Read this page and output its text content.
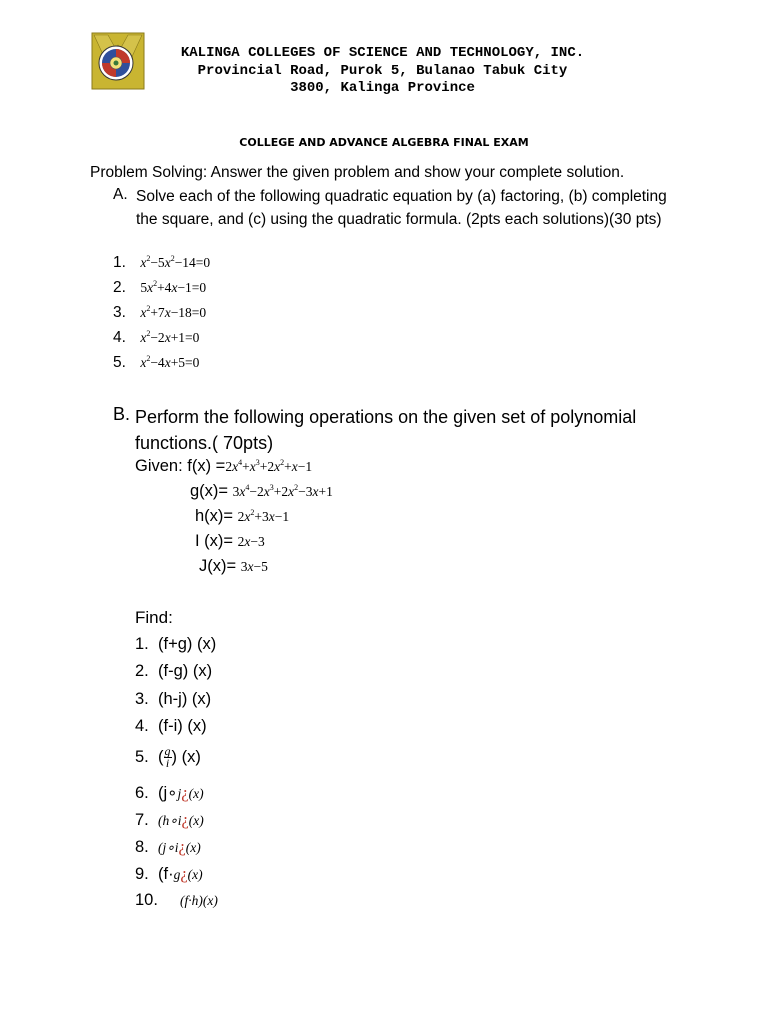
KALINGA COLLEGES OF SCIENCE AND TECHNOLOGY, INC.
Provincial Road, Purok 5, Bulanao Tabuk City
3800, Kalinga Province
COLLEGE AND ADVANCE ALGEBRA FINAL EXAM
Problem Solving: Answer the given problem and show your complete solution.
A. Solve each of the following quadratic equation by (a) factoring, (b) completing the square, and (c) using the quadratic formula. (2pts each solutions)(30 pts)
1. $x^2-5x^2-14=0$
2. $5x^2+4x-1=0$
3. $x^2+7x-18=0$
4. $x^2-2x+1=0$
5. $x^2-4x+5=0$
B. Perform the following operations on the given set of polynomial functions.( 70pts)
Given: $f(x) =2x^4+x^3+2x^2+x-1$
$g(x)= 3x^4-2x^3+2x^2-3x+1$
$h(x)= 2x^2+3x-1$
I (x)= 2x−3
J(x)= 3x−5
Find:
1. (f+g) (x)
2. (f-g) (x)
3. (h-j) (x)
4. (f-i) (x)
5. ( $\frac{g}{i}$ ) (x)
6. (j∘j¿(x)
7. (h∘i¿(x)
8. (j∘i¿(x)
9. (f·g¿(x)
10. (f·h)(x)
